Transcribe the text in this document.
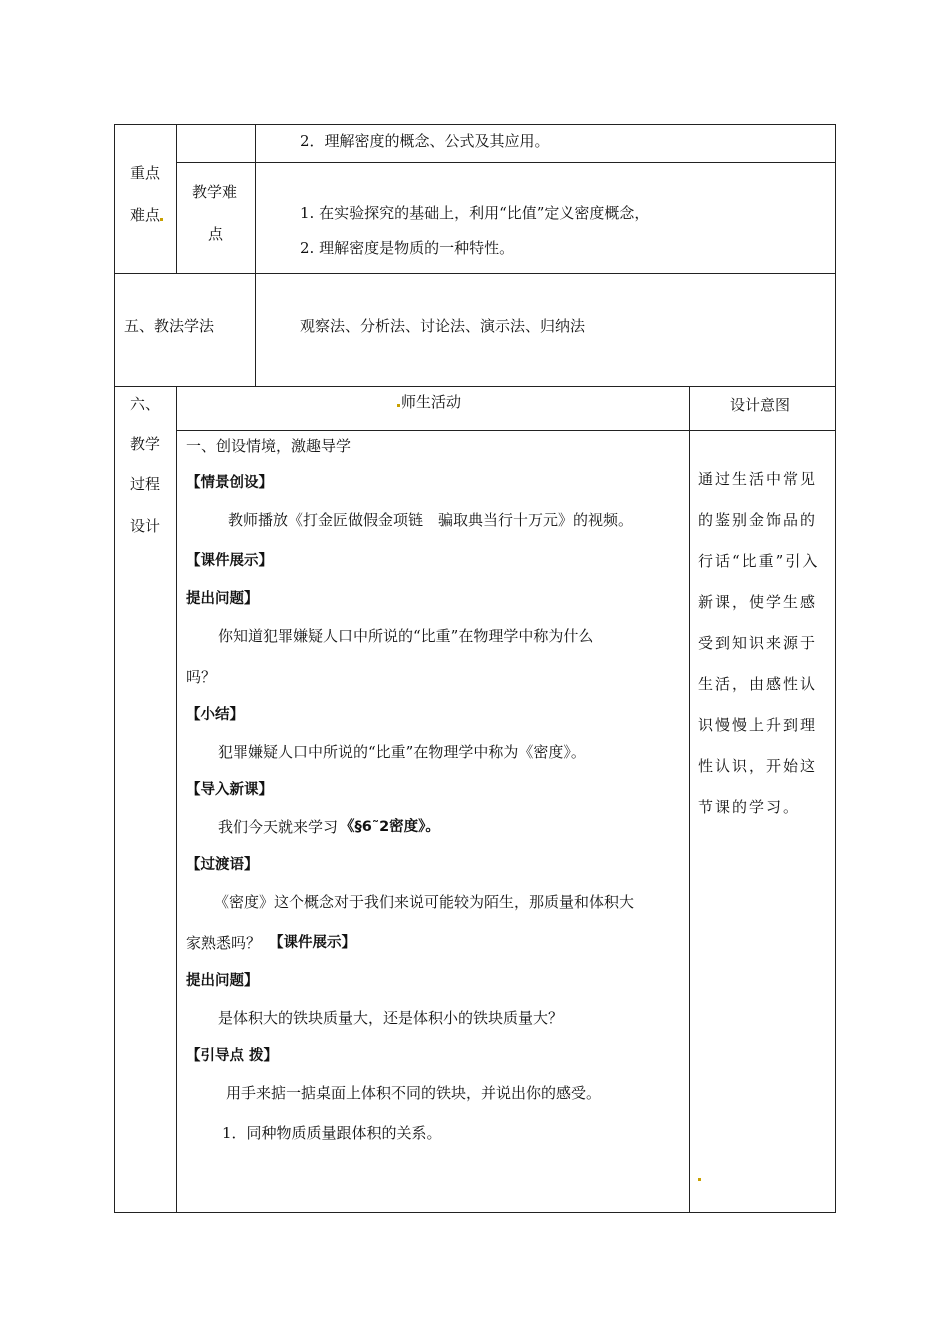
重点
难点
2．理解密度的概念、公式及其应用。
教学难
点
1. 在实验探究的基础上，利用“比值”定义密度概念，
2. 理解密度是物质的一种特性。
五、教法学法	观察法、分析法、讨论法、演示法、归纳法
六、
教学
过程
设计
师生活动	设计意图
一、创设情境，激趣导学
【情景创设】
教师播放《打金匠做假金项链　骗取典当行十万元》的视频。
【课件展示】
提出问题】
你知道犯罪嫌疑人口中所说的“比重”在物理学中称为什么
吗？
【小结】
犯罪嫌疑人口中所说的“比重”在物理学中称为《密度》。
【导入新课】
我们今天就来学习 《§6˜2密度》。
【过渡语】
《密度》这个概念对于我们来说可能较为陌生，那质量和体积大
家熟悉吗？ 【课件展示】
提出问题】
是体积大的铁块质量大，还是体积小的铁块质量大？
【引导点 拨】
用手来掂一掂桌面上体积不同的铁块，并说出你的感受。
1．同种物质质量跟体积的关系。
通过生活中常见的鉴别金饰品的行话“比重”引入新课，使学生感受到知识来源于生活，由感性认识慢慢上升到理性认识，开始这节课的学习。
